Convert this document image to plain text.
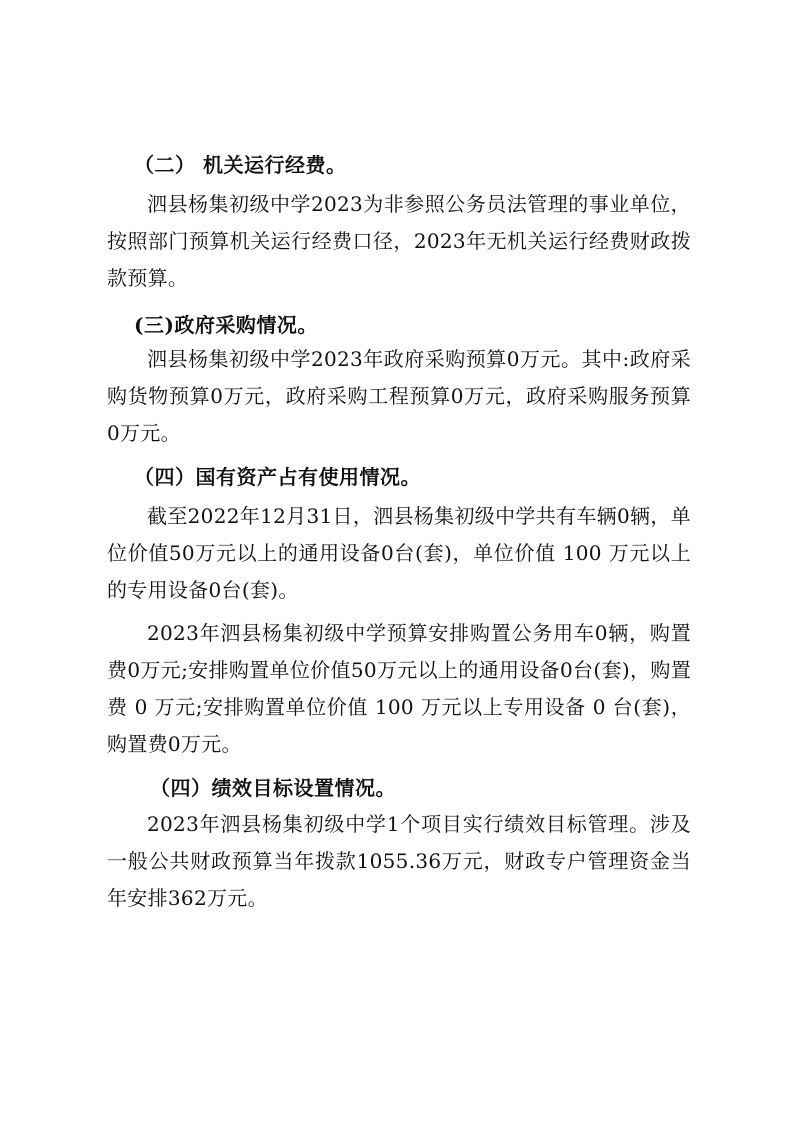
（二） 机关运行经费。
泗县杨集初级中学2023为非参照公务员法管理的事业单位，按照部门预算机关运行经费口径，2023年无机关运行经费财政拨款预算。
(三)政府采购情况。
泗县杨集初级中学2023年政府采购预算0万元。其中:政府采购货物预算0万元，政府采购工程预算0万元，政府采购服务预算0万元。
（四）国有资产占有使用情况。
截至2022年12月31日，泗县杨集初级中学共有车辆0辆，单位价值50万元以上的通用设备0台(套)，单位价值 100 万元以上的专用设备0台(套)。
2023年泗县杨集初级中学预算安排购置公务用车0辆，购置费0万元;安排购置单位价值50万元以上的通用设备0台(套)，购置费 0 万元;安排购置单位价值 100 万元以上专用设备 0 台(套)，购置费0万元。
（四）绩效目标设置情况。
2023年泗县杨集初级中学1个项目实行绩效目标管理。涉及一般公共财政预算当年拨款1055.36万元，财政专户管理资金当年安排362万元。
